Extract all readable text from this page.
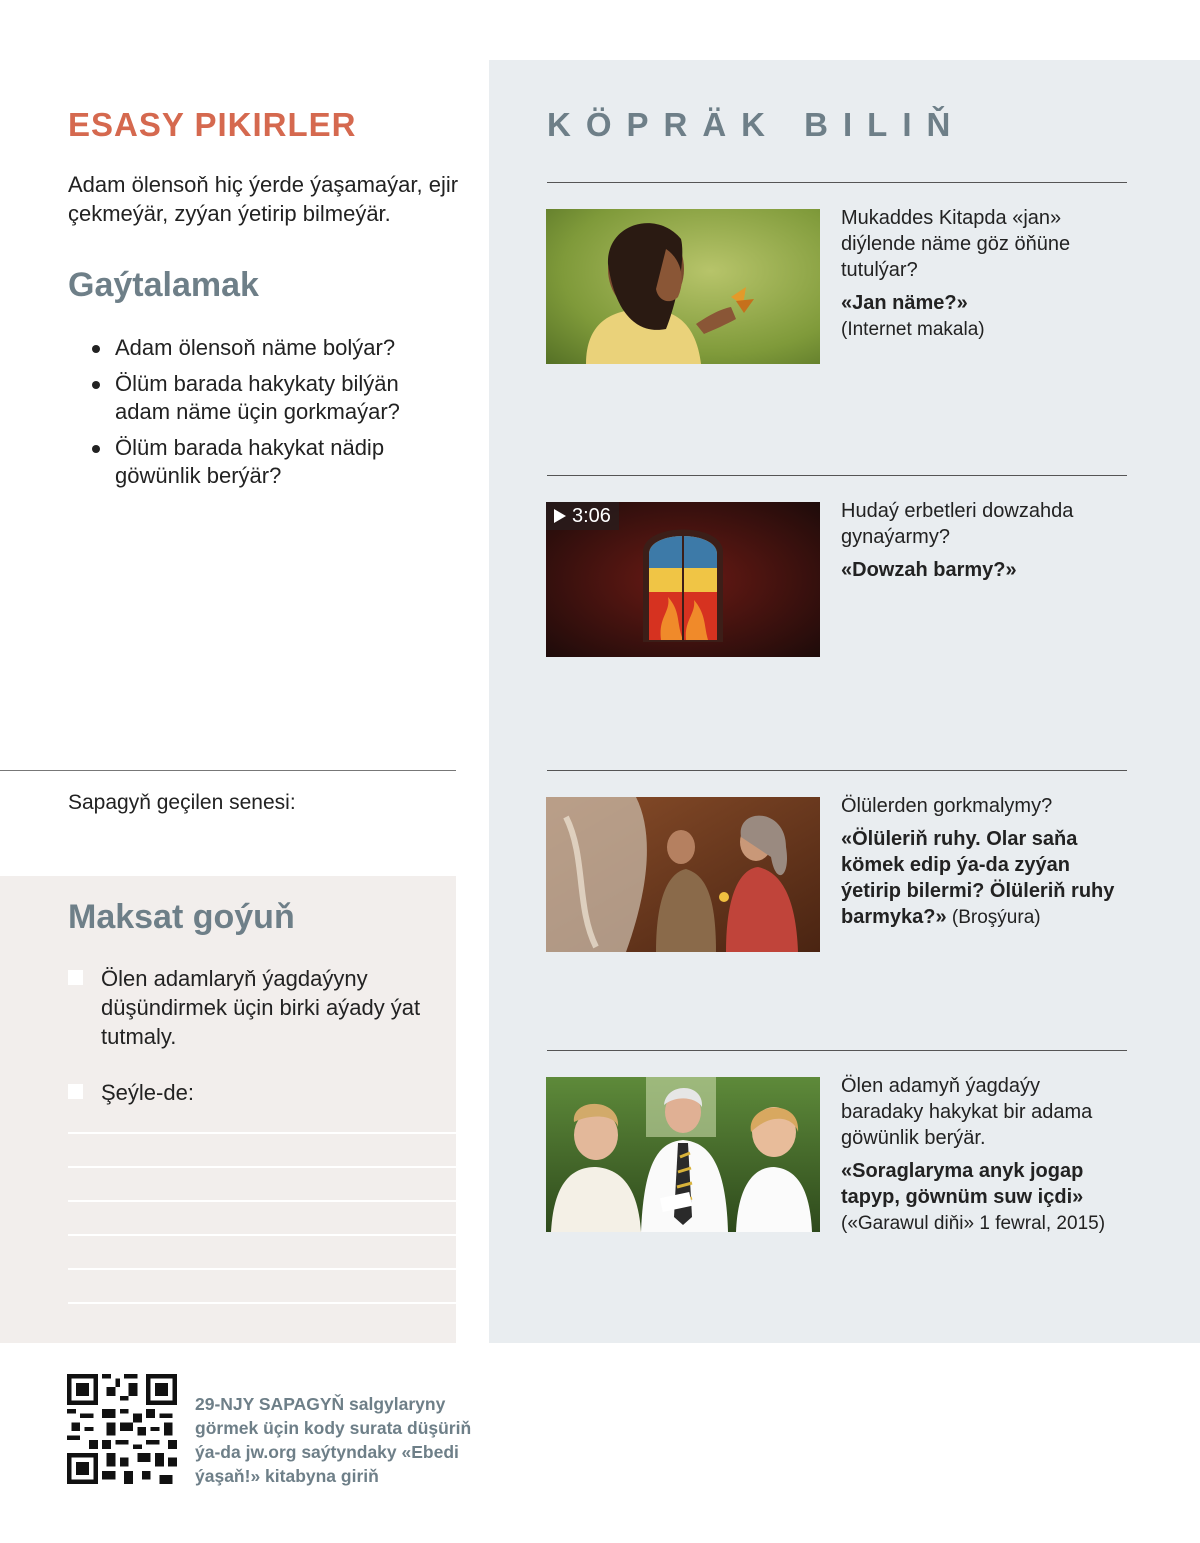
ESASY PIKIRLER

Adam ölensoň hiç ýerde ýaşamaýar, ejir çekmeýär, zyýan ýetirip bilmeýär.

Gaýtalamak
Adam ölensoň näme bolýar?
Ölüm barada hakykaty bilýän adam näme üçin gorkmaýar?
Ölüm barada hakykat nädip göwünlik berýär?
Sapagyň geçilen senesi:
Maksat goýuň
Ölen adamlaryň ýagdaýyny düşündirmek üçin birki aýady ýat tutmaly.
Şeýle-de:
KÖPRÄK BILIŇ
Mukaddes Kitapda «jan» diýlende näme göz öňüne tutulýar?
«Jan näme?»
(Internet makala)
3:06	Hudaý erbetleri dowzahda gynaýarmy?
«Dowzah barmy?»
Ölülerden gorkmalymy?
«Ölüleriň ruhy. Olar saňa kömek edip ýa-da zyýan ýetirip bilermi? Ölüleriň ruhy barmyka?» (Broşýura)
Ölen adamyň ýagdaýy baradaky hakykat bir adama göwünlik berýär.
«Soraglaryma anyk jogap tapyp, göwnüm suw içdi»
(«Garawul diňi» 1 fewral, 2015)
29-NJY SAPAGYŇ salgylaryny görmek üçin kody surata düşüriň ýa-da jw.org saýtyndaky «Ebedi ýaşaň!» kitabyna giriň
